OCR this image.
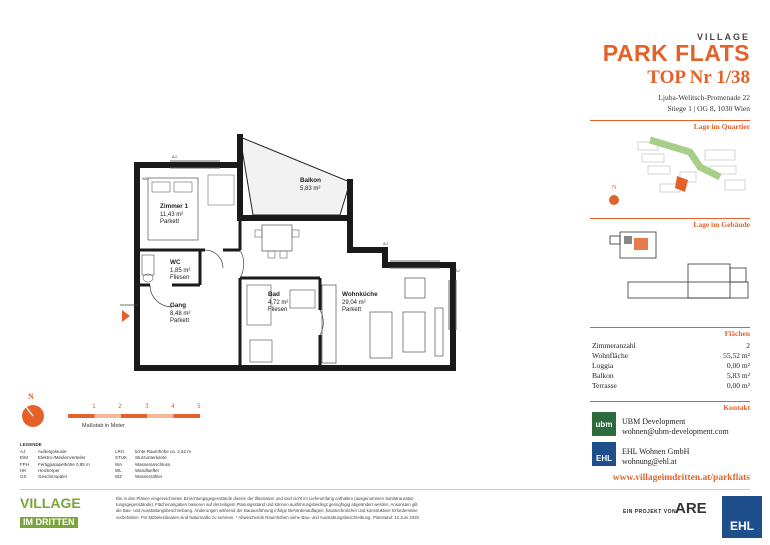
AJ
AJ
AJ
WC
Zimmer 1
11,43 m²
Parkett
Balkon
5,83 m²
WC
1,85 m²
Fliesen
Gang
8,48 m²
Parkett
Bad
4,72 m²
Fliesen
Wohnküche
29,04 m²
Parkett
N
1	2	3	4	5
Maßstab in Meter
LEGENDE
AJ	Außenjalousie
E/M Elektro-/Medienverteiler
FPH Fertigparapethöhe 0,85 m
HK	Heizkörper
GS	Geschirrspüler
LRH lichte Raumhöhe ca. 2,52 m
STUK Sturzunterkante
WA	Wasseranschluss
WL	Wandluefter
WZ	Wasserzähler
VILLAGE
IM DRITTEN
Die in den Plänen eingezeichneten Einrichtungsgegenstände dienen der Illustration und sind nicht im Lieferumfang enthalten (ausgenommen Sanitärausstat-
tungsgegenstände). Flächenangaben basieren auf derzeitigem Planungsstand und können ausführungsbedingt geringfügig abgeändert werden. Ansonsten gilt
die Bau- und Ausstattungsbeschreibung. Änderungen während der Bauausführung infolge Behördenauflagen, haustechnischer und konstruktiver Erfordernisse
vorbehalten. Für Möbeleinbauten sind Naturmaße zu nehmen. * Abweichende Raumhöhen siehe Bau- und Ausstattungsbeschreibung. Planstand: 12.Juni 2025
EIN PROJEKT VON
ARE
EHL
VILLAGE
PARK FLATS
TOP Nr 1/38
Ljuba-Welitsch-Promenade 22
Stiege 1 | OG 8, 1030 Wien
Lage im Quartier
N
Lage im Gebäude
Flächen
Zimmeranzahl	2
Wohnfläche	55,52 m²
Loggia	0,00 m²
Balkon	5,83 m²
Terrasse	0,00 m²
Kontakt
ubm UBM Development
wohnen@ubm-development.com
EHL
EHL Wohnen GmbH
wohnung@ehl.at
www.villageimdritten.at/parkflats
